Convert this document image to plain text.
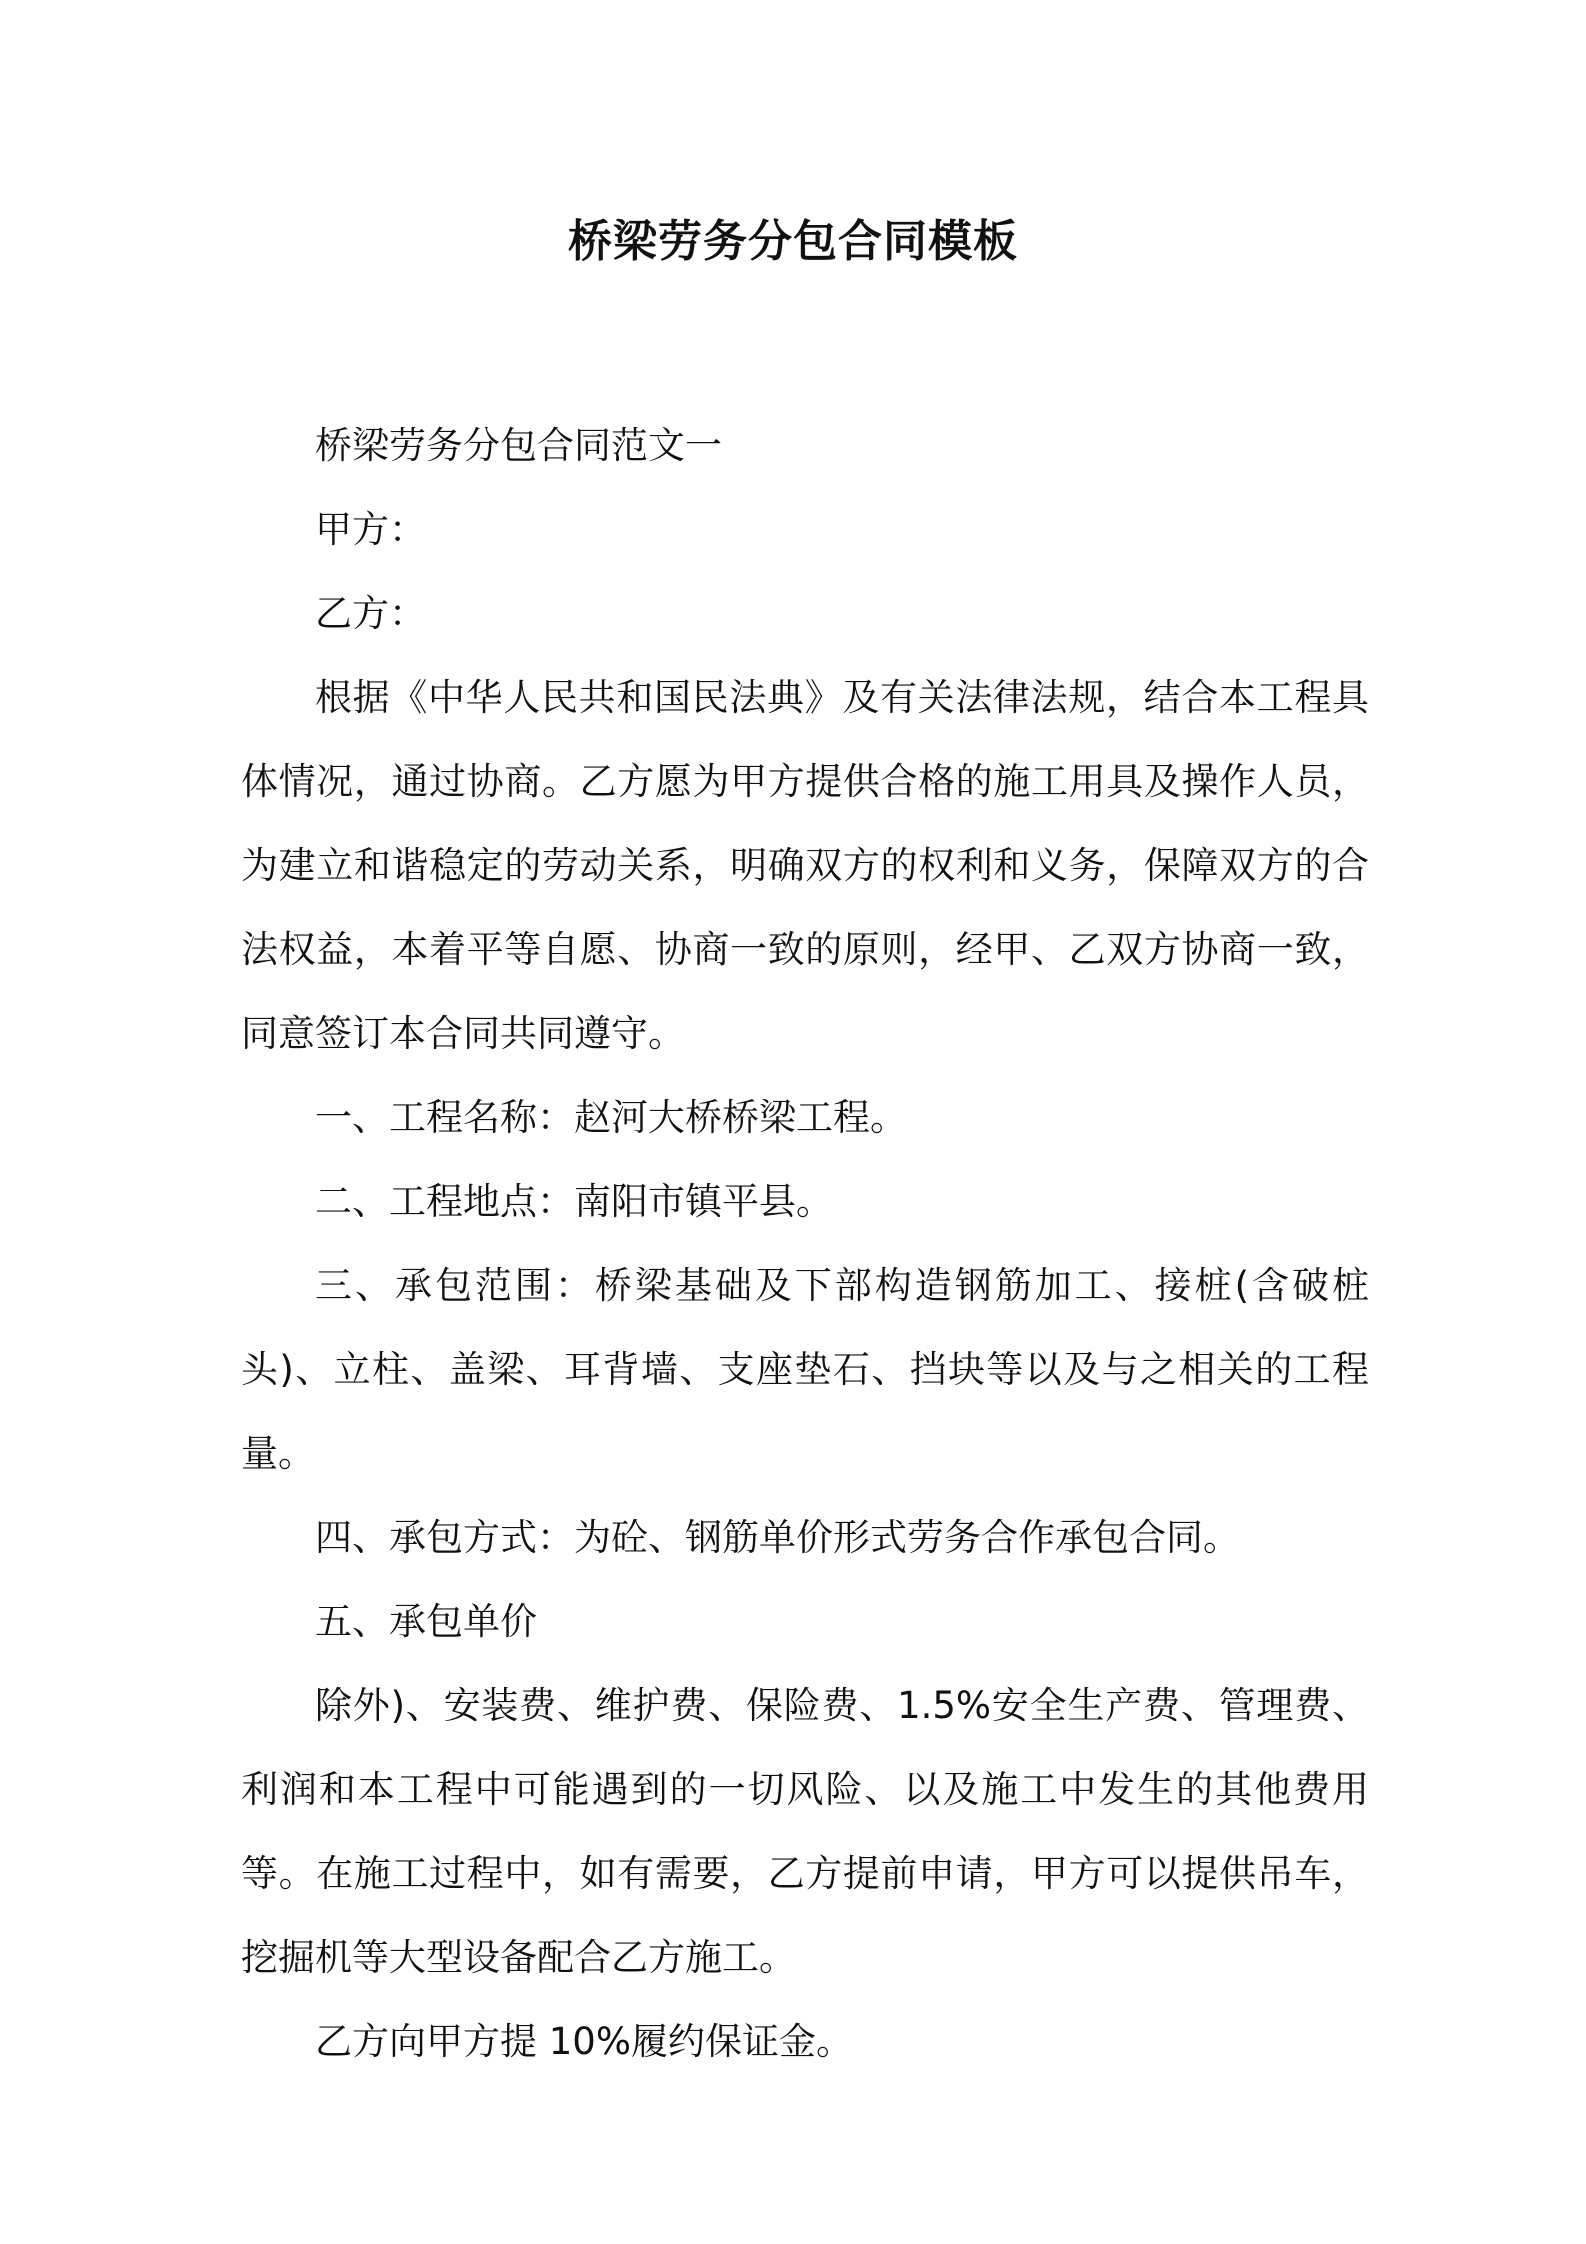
桥梁劳务分包合同模板

桥梁劳务分包合同范文一

甲方：

乙方：

根据《中华人民共和国民法典》及有关法律法规，结合本工程具体情况，通过协商。乙方愿为甲方提供合格的施工用具及操作人员，为建立和谐稳定的劳动关系，明确双方的权利和义务，保障双方的合法权益，本着平等自愿、协商一致的原则，经甲、乙双方协商一致，同意签订本合同共同遵守。

一、工程名称：赵河大桥桥梁工程。

二、工程地点：南阳市镇平县。

三、承包范围：桥梁基础及下部构造钢筋加工、接桩(含破桩头)、立柱、盖梁、耳背墙、支座垫石、挡块等以及与之相关的工程量。

四、承包方式：为砼、钢筋单价形式劳务合作承包合同。

五、承包单价

除外)、安装费、维护费、保险费、1.5%安全生产费、管理费、利润和本工程中可能遇到的一切风险、以及施工中发生的其他费用等。在施工过程中，如有需要，乙方提前申请，甲方可以提供吊车，挖掘机等大型设备配合乙方施工。

乙方向甲方提 10%履约保证金。
